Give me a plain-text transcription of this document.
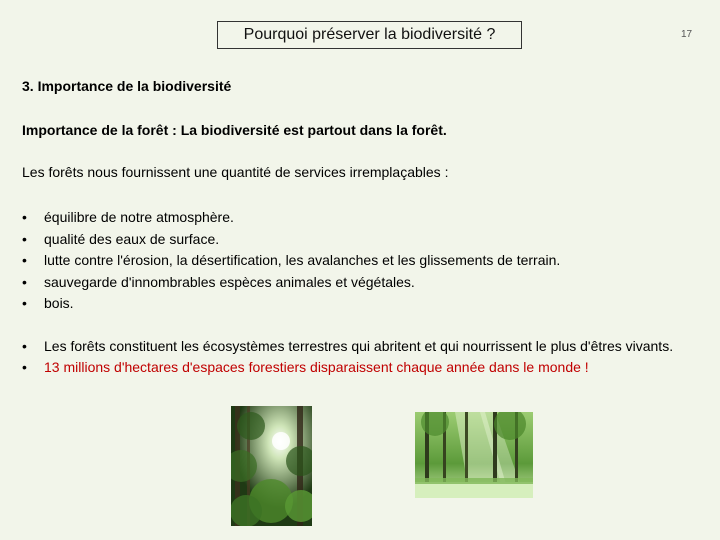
Pourquoi préserver la biodiversité ?	17
3. Importance de la biodiversité
Importance de la forêt : La biodiversité est partout dans la forêt.
Les forêts nous fournissent une quantité de services irremplaçables :
• équilibre de notre atmosphère.
• qualité des eaux de surface.
• lutte contre l'érosion, la désertification, les avalanches et les glissements de terrain.
• sauvegarde d'innombrables espèces animales et végétales.
• bois.
• Les forêts constituent les écosystèmes terrestres qui abritent et qui nourrissent le plus d'êtres vivants.
• 13 millions d'hectares d'espaces forestiers disparaissent chaque année dans le monde !
